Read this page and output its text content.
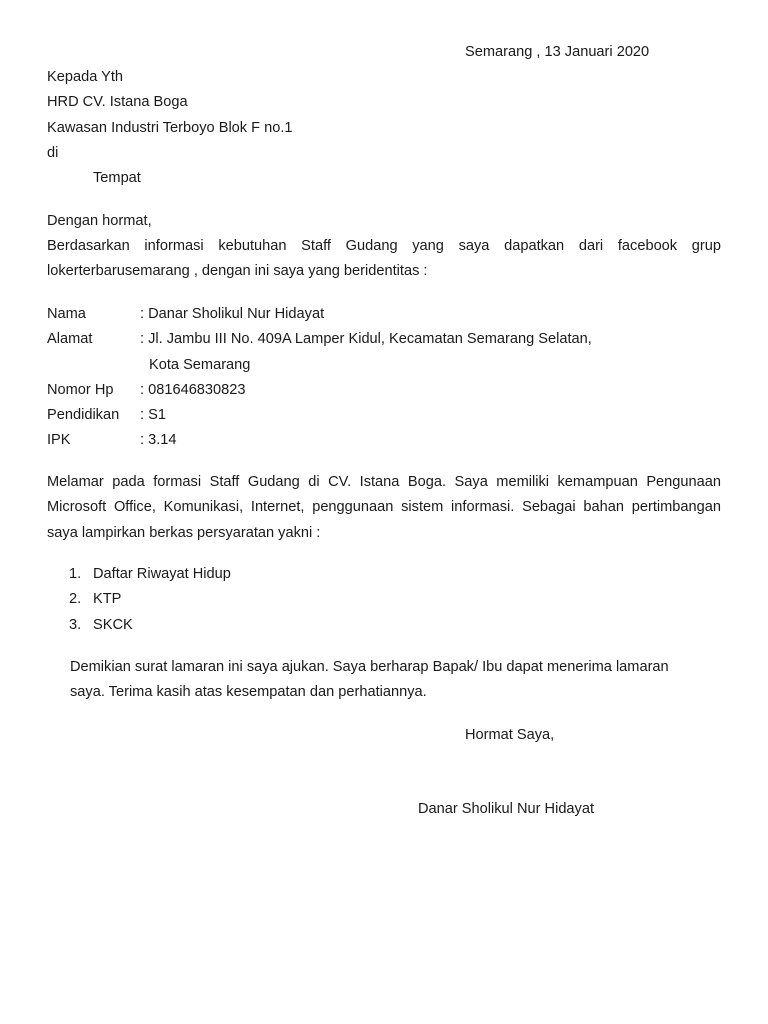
Semarang , 13 Januari 2020
Kepada Yth
HRD CV. Istana Boga
Kawasan Industri Terboyo Blok F no.1
di
Tempat
Dengan hormat,
Berdasarkan informasi kebutuhan Staff Gudang yang saya dapatkan dari facebook grup lokerterbarusemarang , dengan ini saya yang beridentitas :
Nama	: Danar Sholikul Nur Hidayat
Alamat	: Jl. Jambu III No. 409A Lamper Kidul, Kecamatan Semarang Selatan,
Kota Semarang
Nomor Hp	: 081646830823
Pendidikan	: S1
IPK	: 3.14
Melamar pada formasi Staff Gudang di CV. Istana Boga. Saya memiliki kemampuan Pengunaan Microsoft Office, Komunikasi, Internet, penggunaan sistem informasi. Sebagai bahan pertimbangan saya lampirkan berkas persyaratan yakni :
1. Daftar Riwayat Hidup
2. KTP
3. SKCK
Demikian surat lamaran ini saya ajukan. Saya berharap Bapak/ Ibu dapat menerima lamaran
saya. Terima kasih atas kesempatan dan perhatiannya.
Hormat Saya,
Danar Sholikul Nur Hidayat
